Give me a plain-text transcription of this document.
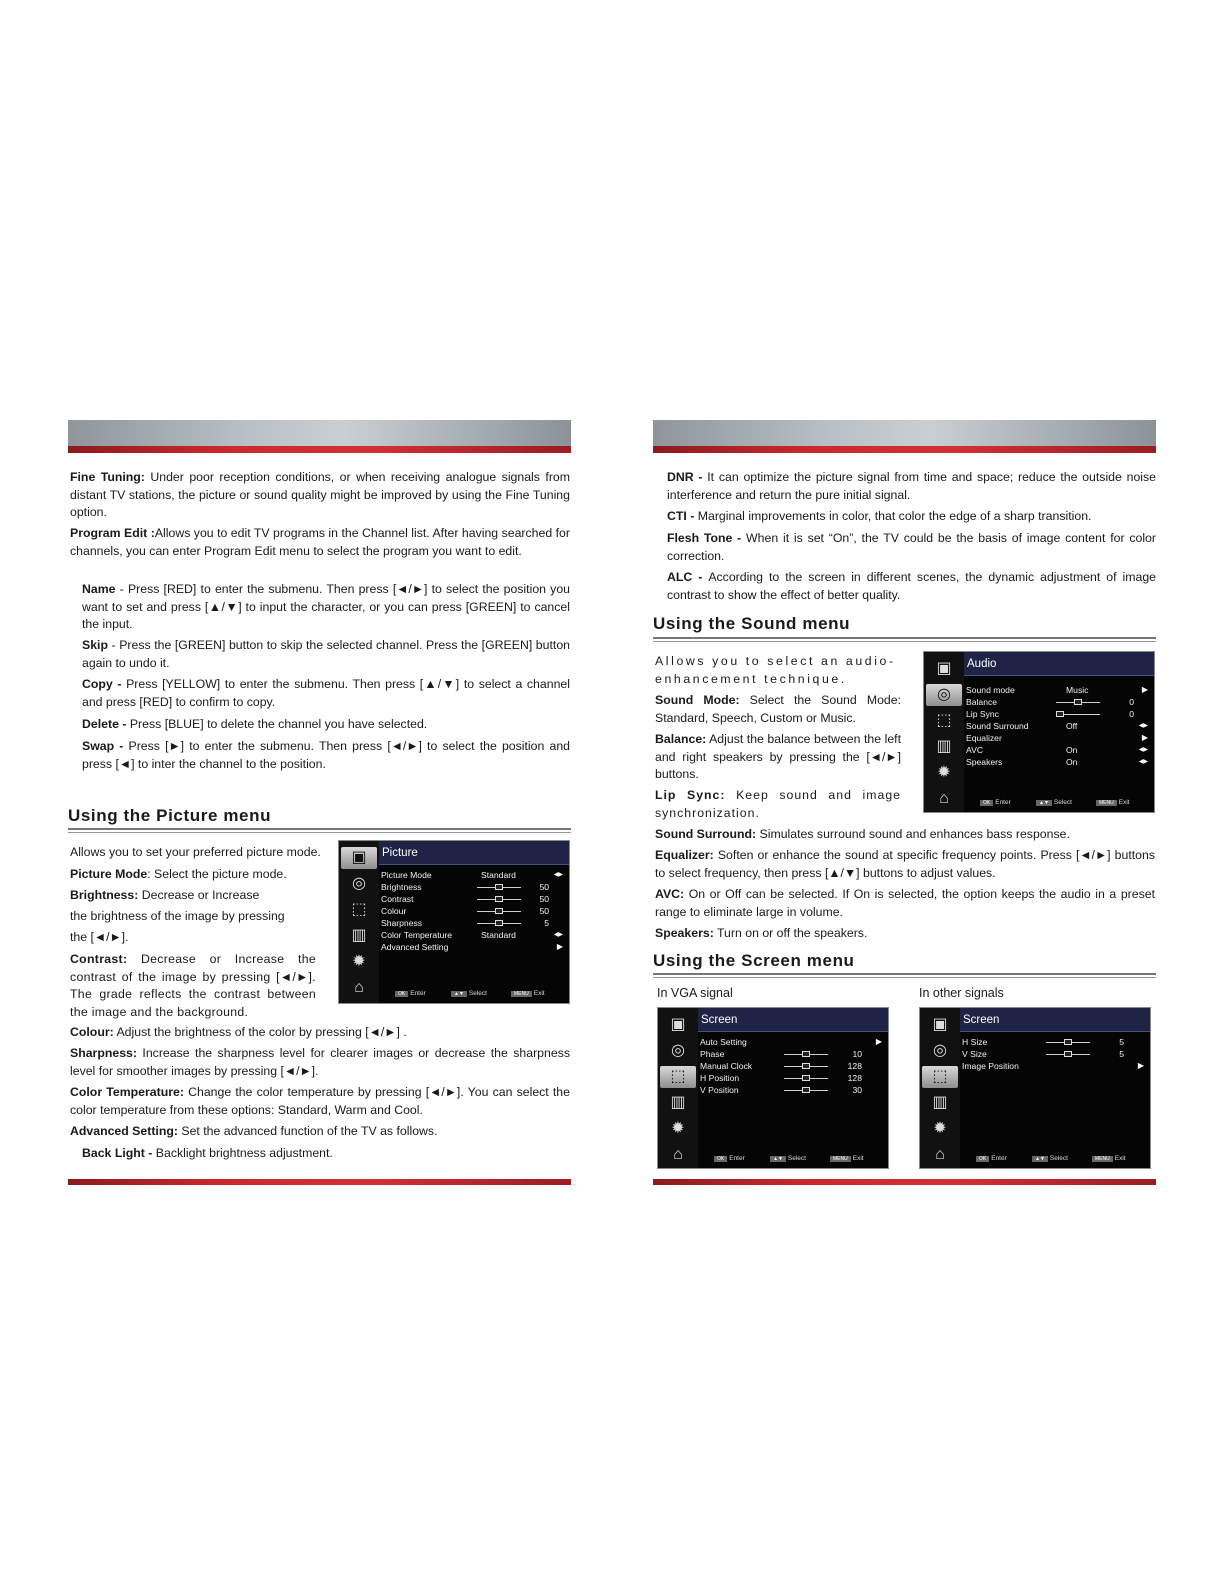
Fine Tuning: Under poor reception conditions, or when receiving analogue signals from distant TV stations, the picture or sound quality might be improved by using the Fine Tuning option.
Program Edit :Allows you to edit TV programs in the Channel list. After having searched for channels, you can enter Program Edit menu to select the program you want to edit.
Name - Press [RED] to enter the submenu. Then press [◄/►] to select the position you want to set and press [▲/▼] to input the character, or you can press [GREEN] to cancel the input.
Skip - Press the [GREEN] button to skip the selected channel. Press the [GREEN] button again to undo it.
Copy - Press [YELLOW] to enter the submenu. Then press [▲/▼] to select a channel and press [RED] to confirm to copy.
Delete - Press [BLUE] to delete the channel you have selected.
Swap - Press [►] to enter the submenu. Then press [◄/►] to select the position and press [◄] to inter the channel to the position.
Using the Picture menu
Allows you to set your preferred picture mode.
Picture Mode: Select the picture mode.
Brightness: Decrease or Increase
the brightness of the image by pressing
the [◄/►].
Contrast: Decrease or Increase the contrast of the image by pressing [◄/►]. The grade reflects the contrast between the image and the background.
Colour: Adjust the brightness of the color by pressing [◄/►] .
Sharpness: Increase the sharpness level for clearer images or decrease the sharpness level for smoother images by pressing [◄/►].
Color Temperature: Change the color temperature by pressing [◄/►]. You can select the color temperature from these options: Standard, Warm and Cool.
Advanced Setting: Set the advanced function of the TV as follows.
Back Light - Backlight brightness adjustment.
▣
◎
⬚
▥
✹
⌂
Picture
Picture Mode	Standard	◀▶
Brightness	50
Contrast	50
Colour	50
Sharpness	5
Color Temperature	Standard	◀▶
Advanced Setting	▶
OK Enter	▲▼ Select	MENU Exit
DNR - It can optimize the picture signal from time and space; reduce the outside noise interference and return the pure initial signal.
CTI - Marginal improvements in color, that color the edge of a sharp transition.
Flesh Tone - When it is set “On”, the TV could be the basis of image content for color correction.
ALC - According to the screen in different scenes, the dynamic adjustment of image contrast to show the effect of better quality.
Using the Sound menu
Allows you to select an audio-enhancement technique.
Sound Mode: Select the Sound Mode: Standard, Speech, Custom or Music.
Balance: Adjust the balance between the left and right speakers by pressing the [◄/►] buttons.
Lip Sync: Keep sound and image synchronization.
Sound Surround: Simulates surround sound and enhances bass response.
Equalizer: Soften or enhance the sound at specific frequency points. Press [◄/►] buttons to select frequency, then press [▲/▼] buttons to adjust values.
AVC: On or Off can be selected. If On is selected, the option keeps the audio in a preset range to eliminate large in volume.
Speakers: Turn on or off the speakers.
▣
◎
⬚
▥
✹
⌂
Audio
Sound mode	Music	▶
Balance	0
Lip Sync	0
Sound Surround	Off	◀▶
Equalizer	▶
AVC	On	◀▶
Speakers	On	◀▶
OK Enter	▲▼ Select	MENU Exit
Using the Screen menu
In VGA signal	In other signals
▣
◎
⬚
▥
✹
⌂
Screen
Auto Setting	▶
Phase	10
Manual Clock	128
H Position	128
V Position	30
OK Enter	▲▼ Select	MENU Exit
▣
◎
⬚
▥
✹
⌂
Screen
H Size	5
V Size	5
Image Position	▶
OK Enter	▲▼ Select	MENU Exit
